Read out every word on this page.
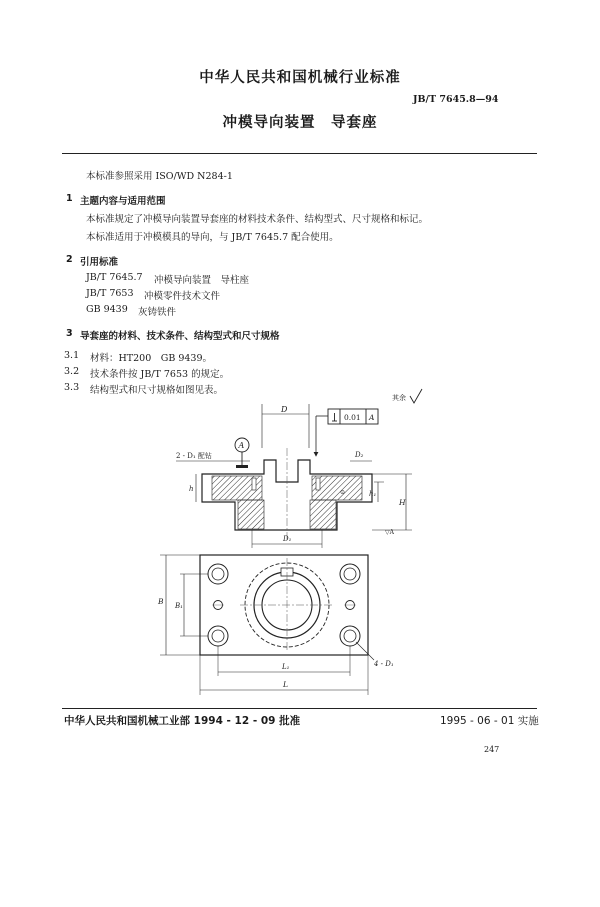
中华人民共和国机械行业标准
JB/T 7645.8—94
冲模导向装置　导套座
本标准参照采用 ISO/WD N284-1
1 主题内容与适用范围
本标准规定了冲模导向装置导套座的材料技术条件、结构型式、尺寸规格和标记。
本标准适用于冲模模具的导向，与 JB/T 7645.7 配合使用。
2 引用标准
JB/T 7645.7 冲模导向装置　导柱座
JB/T 7653 冲模零件技术文件
GB 9439 灰铸铁件
3 导套座的材料、技术条件、结构型式和尺寸规格
3.1 材料：HT200　GB 9439。
3.2 技术条件按 JB/T 7653 的规定。
3.3 结构型式和尺寸规格如图见表。
其余
0.01 A
D
A
2 - D₁ 配钻
⊙
H
h₁
h
D₂
▽A
D₁
B B₁
L₁
L
4 - D₁
中华人民共和国机械工业部 1994 - 12 - 09 批准	1995 - 06 - 01 实施
247
